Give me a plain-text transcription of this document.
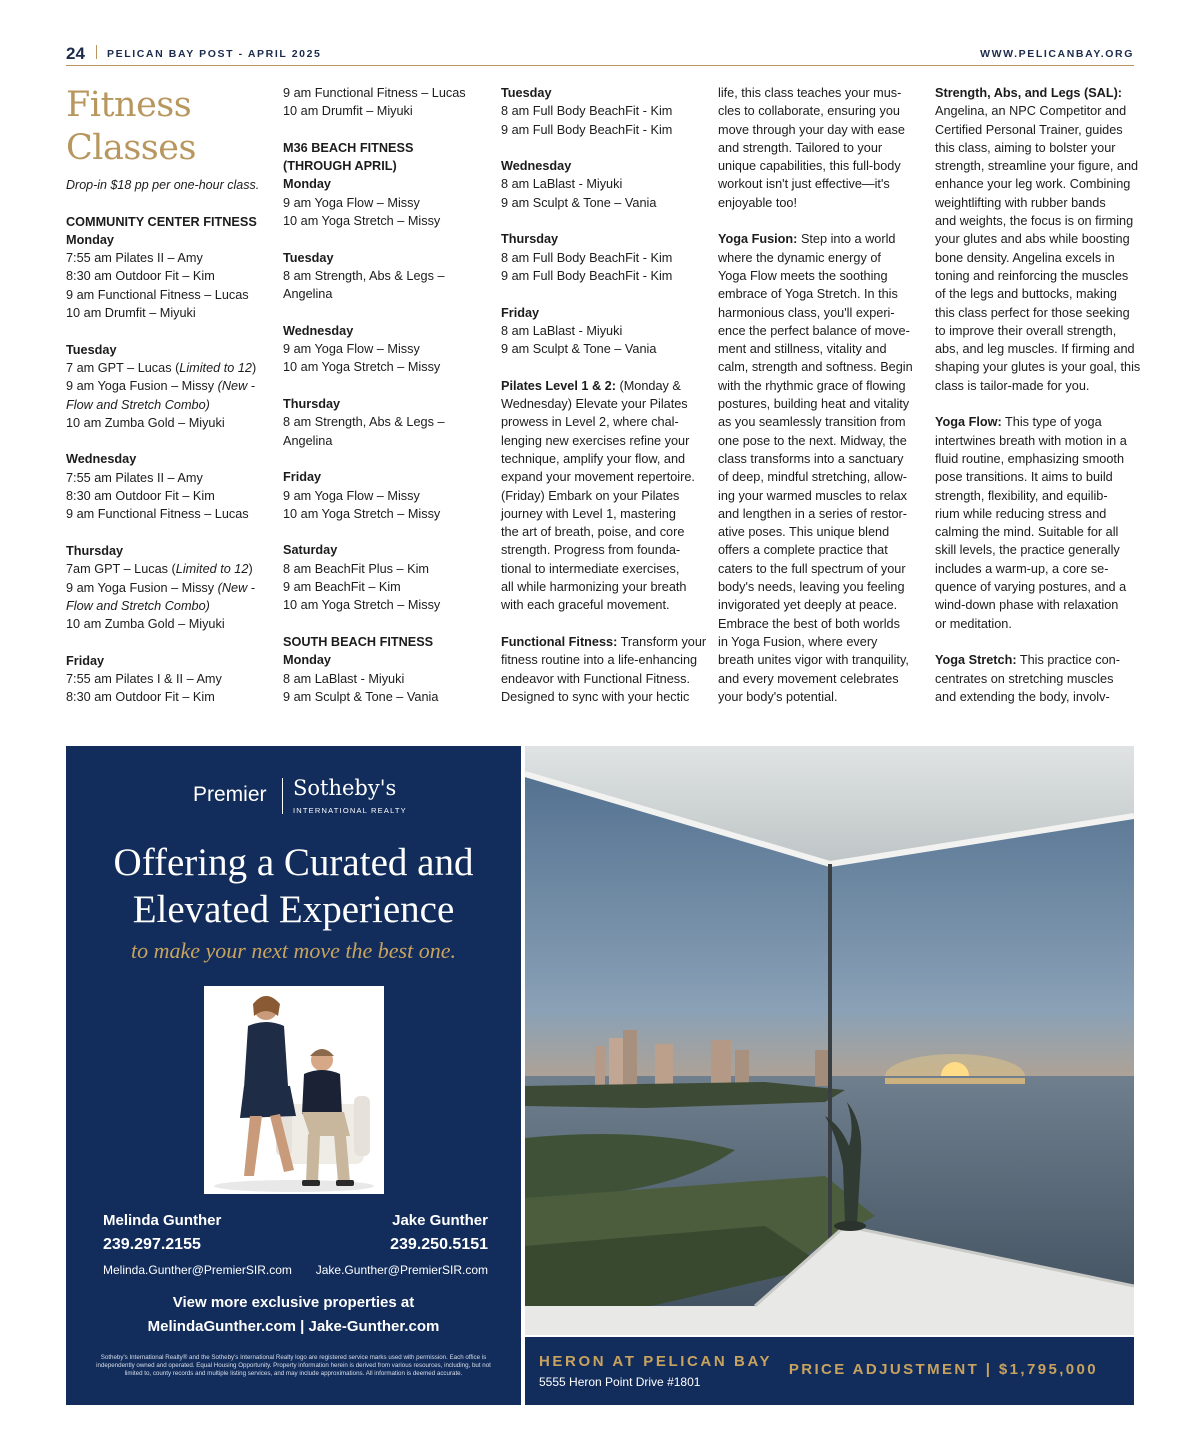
24 PELICAN BAY POST - APRIL 2025	WWW.PELICANBAY.ORG
Fitness
Classes
Drop-in $18 pp per one-hour class.
COMMUNITY CENTER FITNESS
Monday
7:55 am Pilates II – Amy
8:30 am Outdoor Fit – Kim
9 am Functional Fitness – Lucas
10 am Drumfit – Miyuki
Tuesday
7 am GPT – Lucas (Limited to 12)
9 am Yoga Fusion – Missy (New -
Flow and Stretch Combo)
10 am Zumba Gold – Miyuki
Wednesday
7:55 am Pilates II – Amy
8:30 am Outdoor Fit – Kim
9 am Functional Fitness – Lucas
Thursday
7am GPT – Lucas (Limited to 12)
9 am Yoga Fusion – Missy (New -
Flow and Stretch Combo)
10 am Zumba Gold – Miyuki
Friday
7:55 am Pilates I & II – Amy
8:30 am Outdoor Fit – Kim
9 am Functional Fitness – Lucas
10 am Drumfit – Miyuki
M36 BEACH FITNESS
(THROUGH APRIL)
Monday
9 am Yoga Flow – Missy
10 am Yoga Stretch – Missy
Tuesday
8 am Strength, Abs & Legs –
Angelina
Wednesday
9 am Yoga Flow – Missy
10 am Yoga Stretch – Missy
Thursday
8 am Strength, Abs & Legs –
Angelina
Friday
9 am Yoga Flow – Missy
10 am Yoga Stretch – Missy
Saturday
8 am BeachFit Plus – Kim
9 am BeachFit – Kim
10 am Yoga Stretch – Missy
SOUTH BEACH FITNESS
Monday
8 am LaBlast - Miyuki
9 am Sculpt & Tone – Vania
Tuesday
8 am Full Body BeachFit - Kim
9 am Full Body BeachFit - Kim
Wednesday
8 am LaBlast - Miyuki
9 am Sculpt & Tone – Vania
Thursday
8 am Full Body BeachFit - Kim
9 am Full Body BeachFit - Kim
Friday
8 am LaBlast - Miyuki
9 am Sculpt & Tone – Vania
Pilates Level 1 & 2: (Monday &
Wednesday) Elevate your Pilates
prowess in Level 2, where chal-
lenging new exercises refine your
technique, amplify your flow, and
expand your movement repertoire.
(Friday) Embark on your Pilates
journey with Level 1, mastering
the art of breath, poise, and core
strength. Progress from founda-
tional to intermediate exercises,
all while harmonizing your breath
with each graceful movement.
Functional Fitness: Transform your
fitness routine into a life-enhancing
endeavor with Functional Fitness.
Designed to sync with your hectic
life, this class teaches your mus-
cles to collaborate, ensuring you
move through your day with ease
and strength. Tailored to your
unique capabilities, this full-body
workout isn't just effective—it's
enjoyable too!
Yoga Fusion: Step into a world
where the dynamic energy of
Yoga Flow meets the soothing
embrace of Yoga Stretch. In this
harmonious class, you'll experi-
ence the perfect balance of move-
ment and stillness, vitality and
calm, strength and softness. Begin
with the rhythmic grace of flowing
postures, building heat and vitality
as you seamlessly transition from
one pose to the next. Midway, the
class transforms into a sanctuary
of deep, mindful stretching, allow-
ing your warmed muscles to relax
and lengthen in a series of restor-
ative poses. This unique blend
offers a complete practice that
caters to the full spectrum of your
body's needs, leaving you feeling
invigorated yet deeply at peace.
Embrace the best of both worlds
in Yoga Fusion, where every
breath unites vigor with tranquility,
and every movement celebrates
your body's potential.
Strength, Abs, and Legs (SAL):
Angelina, an NPC Competitor and
Certified Personal Trainer, guides
this class, aiming to bolster your
strength, streamline your figure, and
enhance your leg work. Combining
weightlifting with rubber bands
and weights, the focus is on firming
your glutes and abs while boosting
bone density. Angelina excels in
toning and reinforcing the muscles
of the legs and buttocks, making
this class perfect for those seeking
to improve their overall strength,
abs, and leg muscles. If firming and
shaping your glutes is your goal, this
class is tailor-made for you.
Yoga Flow: This type of yoga
intertwines breath with motion in a
fluid routine, emphasizing smooth
pose transitions. It aims to build
strength, flexibility, and equilib-
rium while reducing stress and
calming the mind. Suitable for all
skill levels, the practice generally
includes a warm-up, a core se-
quence of varying postures, and a
wind-down phase with relaxation
or meditation.
Yoga Stretch: This practice con-
centrates on stretching muscles
and extending the body, involv-
Premier Sotheby's
INTERNATIONAL REALTY
Offering a Curated and
Elevated Experience
to make your next move the best one.
Melinda Gunther
239.297.2155
Melinda.Gunther@PremierSIR.com
Jake Gunther
239.250.5151
Jake.Gunther@PremierSIR.com
View more exclusive properties at
MelindaGunther.com | Jake-Gunther.com
Sotheby's International Realty® and the Sotheby's International Realty logo are registered service marks used with permission. Each office is independently owned and operated. Equal Housing Opportunity. Property information herein is derived from various resources, including, but not limited to, county records and multiple listing services, and may include approximations. All information is deemed accurate.
HERON AT PELICAN BAY
5555 Heron Point Drive #1801
PRICE ADJUSTMENT | $1,795,000
